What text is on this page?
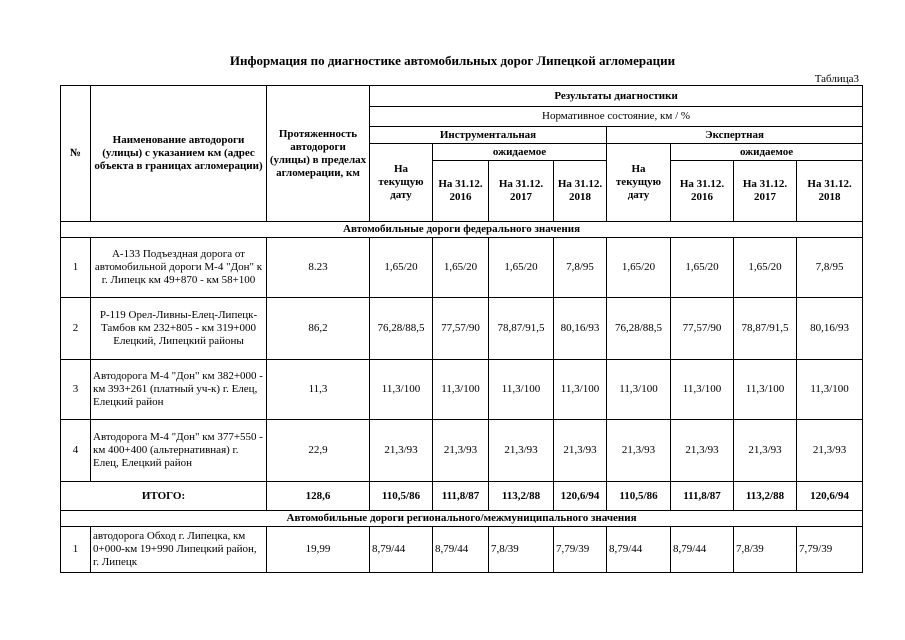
Информация по диагностике автомобильных дорог Липецкой агломерации
Таблица3
№	Наименование автодороги (улицы) с указанием км (адрес объекта в границах агломерации)	Протяженность автодороги (улицы) в пределах агломерации, км	Результаты диагностики							
			Нормативное состояние, км / %							
			Инструментальная				Экспертная			
			На текущую дату	ожидаемое			На текущую дату	ожидаемое		
				На 31.12. 2016	На 31.12. 2017	На 31.12. 2018		На 31.12. 2016	На 31.12. 2017	На 31.12. 2018
Автомобильные дороги федерального значения										
1	А-133 Подъездная дорога от автомобильной дороги М-4 "Дон" к г. Липецк км 49+870 - км 58+100	8.23	1,65/20	1,65/20	1,65/20	7,8/95	1,65/20	1,65/20	1,65/20	7,8/95
2	Р-119 Орел-Ливны-Елец-Липецк-Тамбов км 232+805 - км 319+000 Елецкий, Липецкий районы	86,2	76,28/88,5	77,57/90	78,87/91,5	80,16/93	76,28/88,5	77,57/90	78,87/91,5	80,16/93
3	Автодорога М-4 "Дон" км 382+000 - км 393+261 (платный уч-к) г. Елец, Елецкий район	11,3	11,3/100	11,3/100	11,3/100	11,3/100	11,3/100	11,3/100	11,3/100	11,3/100
4	Автодорога М-4 "Дон" км 377+550 - км 400+400 (альтернативная) г. Елец, Елецкий район	22,9	21,3/93	21,3/93	21,3/93	21,3/93	21,3/93	21,3/93	21,3/93	21,3/93
ИТОГО:		128,6	110,5/86	111,8/87	113,2/88	120,6/94	110,5/86	111,8/87	113,2/88	120,6/94
Автомобильные дороги регионального/межмуниципального значения										
1	автодорога Обход г. Липецка, км 0+000-км 19+990 Липецкий район, г. Липецк	19,99	8,79/44	8,79/44	7,8/39	7,79/39	8,79/44	8,79/44	7,8/39	7,79/39
